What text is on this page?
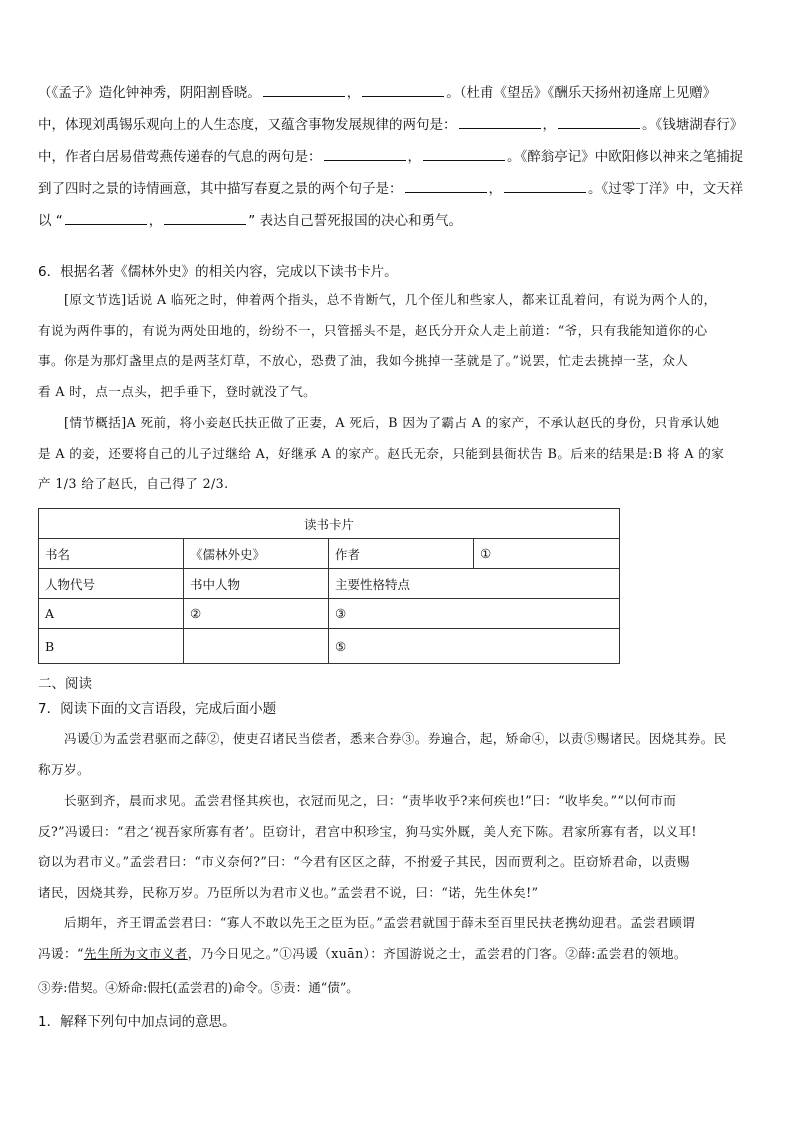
（《孟子》造化钟神秀，阴阳割昏晓。	，	。（杜甫《望岳》《酬乐天扬州初逢席上见赠》
中，体现刘禹锡乐观向上的人生态度，又蕴含事物发展规律的两句是：	，	。《钱塘湖春行》
中，作者白居易借莺燕传递春的气息的两句是：	，	。《醉翁亭记》中欧阳修以神来之笔捕捉
到了四时之景的诗情画意，其中描写春夏之景的两个句子是：	，	。《过零丁洋》中，文天祥
以 “	，	” 表达自己誓死报国的决心和勇气。
6．根据名著《儒林外史》的相关内容，完成以下读书卡片。
[原文节选]话说 A 临死之时，伸着两个指头，总不肯断气，几个侄儿和些家人，都来讧乱着问，有说为两个人的，
有说为两件事的，有说为两处田地的，纷纷不一，只管摇头不是，赵氏分开众人走上前道：“爷，只有我能知道你的心
事。你是为那灯盏里点的是两茎灯草，不放心，恐费了油，我如今挑掉一茎就是了。”说罢，忙走去挑掉一茎，众人
看 A 时，点一点头，把手垂下，登时就没了气。
[情节概括]A 死前，将小妾赵氏扶正做了正妻，A 死后，B 因为了霸占 A 的家产，不承认赵氏的身份，只肯承认她
是 A 的妾，还要将自己的儿子过继给 A，好继承 A 的家产。赵氏无奈，只能到县衙状告 B。后来的结果是:B 将 A 的家
产 1/3 给了赵氏，自己得了 2/3.
读书卡片			
书名	《儒林外史》	作者	①
人物代号	书中人物	主要性格特点	
A	②	③	
B		⑤	
二、阅读
7．阅读下面的文言语段，完成后面小题
冯谖①为孟尝君驱而之薛②，使吏召诸民当偿者，悉来合券③。券遍合，起，矫命④，以责⑤赐诸民。因烧其券。民
称万岁。
长驱到齐，晨而求见。孟尝君怪其疾也，衣冠而见之，曰：“责毕收乎?来何疾也!”曰：“收毕矣。”“以何市而
反?”冯谖曰：“君之‘视吾家所寡有者’。臣窃计，君宫中积珍宝，狗马实外厩，美人充下陈。君家所寡有者，以义耳!
窃以为君市义。”孟尝君曰：“市义奈何?”曰：“今君有区区之薛，不拊爱子其民，因而贾利之。臣窃矫君命，以责赐
诸民，因烧其券，民称万岁。乃臣所以为君市义也。”孟尝君不说，曰：“诺，先生休矣!”
后期年，齐王谓孟尝君曰：“寡人不敢以先王之臣为臣。”孟尝君就国于薛未至百里民扶老携幼迎君。孟尝君顾谓
冯谖：“先生所为文市义者，乃今日见之。”①冯谖（xuān）：齐国游说之士，孟尝君的门客。②薛:孟尝君的领地。
③券:借契。④矫命:假托(孟尝君的)命令。⑤责：通“债”。
1．解释下列句中加点词的意思。
